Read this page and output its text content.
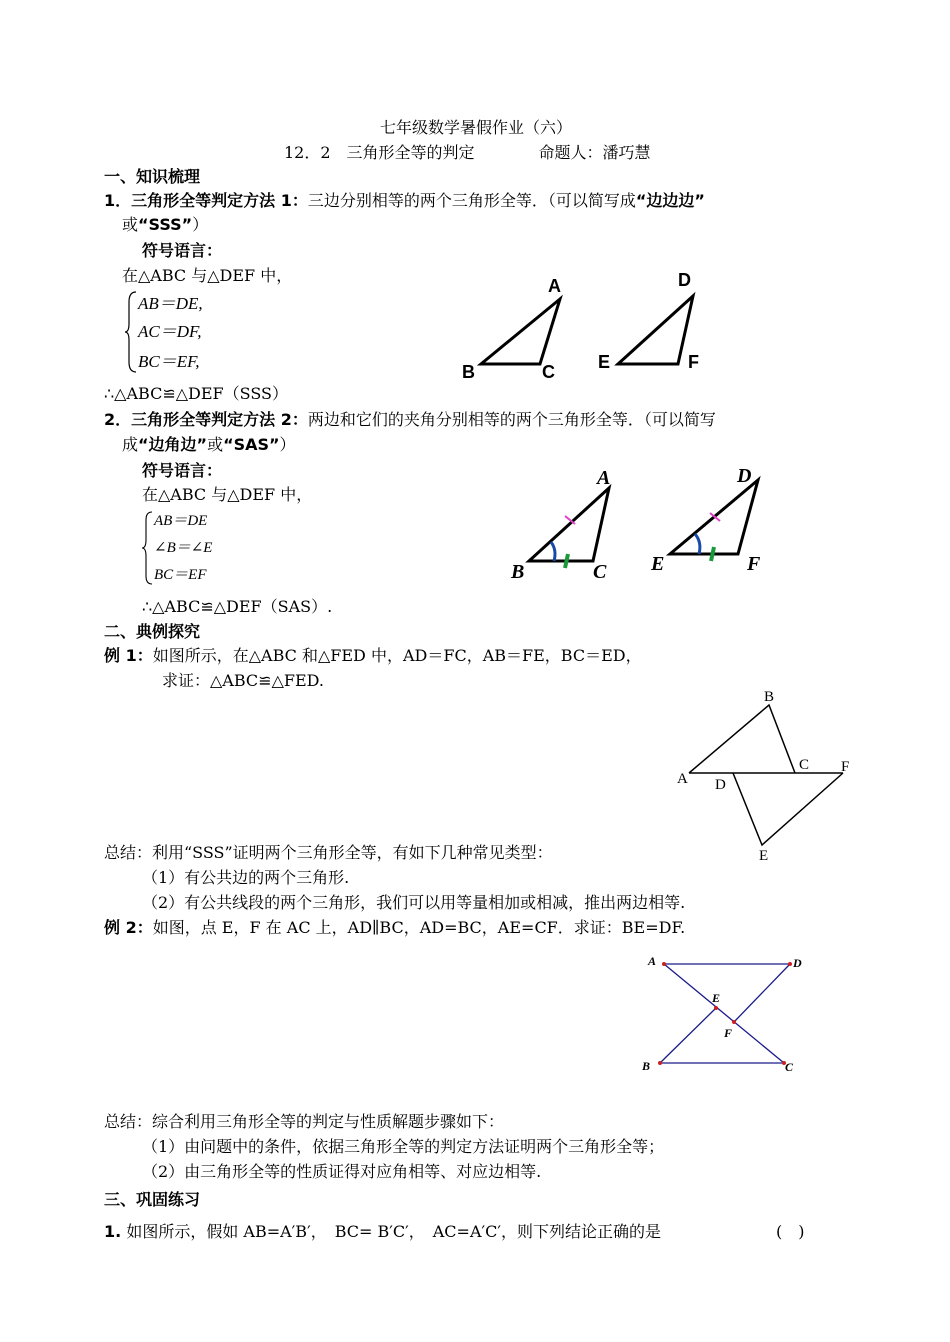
七年级数学暑假作业（六）
12．2　三角形全等的判定　　　　命题人：潘巧慧
一、知识梳理
1．三角形全等判定方法 1：三边分别相等的两个三角形全等．（可以简写成“边边边”
或“SSS”）
符号语言：
在△ABC 与△DEF 中，
AB＝DE,
AC＝DF,
BC＝EF,
∴△ABC≌△DEF（SSS）
A
B	C
D
E	F
2．三角形全等判定方法 2：两边和它们的夹角分别相等的两个三角形全等．（可以简写
成“边角边”或“SAS”）
符号语言：
在△ABC 与△DEF 中，
AB＝DE
∠B＝∠E
BC＝EF
∴△ABC≌△DEF（SAS）.
A
B	C
D
E	F
二、典例探究
例 1：如图所示，在△ABC 和△FED 中，AD＝FC，AB＝FE，BC＝ED，
求证：△ABC≌△FED.
B
C F
A D
E
总结：利用“SSS”证明两个三角形全等，有如下几种常见类型：
（1）有公共边的两个三角形.
（2）有公共线段的两个三角形，我们可以用等量相加或相减，推出两边相等.
例 2：如图，点 E，F 在 AC 上，AD∥BC，AD=BC，AE=CF．求证：BE=DF.
A	D
E
F
B	C
总结：综合利用三角形全等的判定与性质解题步骤如下：
（1）由问题中的条件，依据三角形全等的判定方法证明两个三角形全等；
（2）由三角形全等的性质证得对应角相等、对应边相等.
三、巩固练习
1. 如图所示，假如 AB=A′B′，　BC= B′C′，　AC=A′C′，则下列结论正确的是	(　)
